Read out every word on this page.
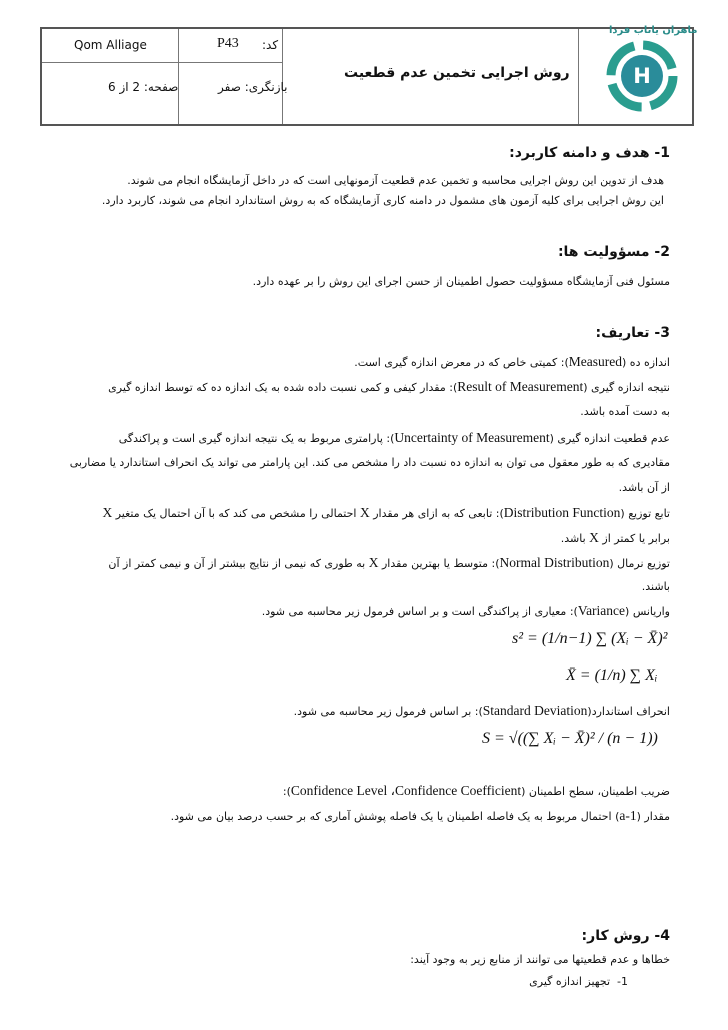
Qom Alliage	P43 کد:
روش اجرایی تخمین عدم قطعیت
صفحه: 2 از 6	بازنگری: صفر
ماهران یاتاب فردا
H
1- هدف و دامنه کاربرد:
هدف از تدوین این روش اجرایی محاسبه و تخمین عدم قطعیت آزمونهایی است که در داخل آزمایشگاه انجام می شوند.
این روش اجرایی برای کلیه آزمون های مشمول در دامنه کاری آزمایشگاه که به روش استاندارد انجام می شوند، کاربرد دارد.
2- مسؤولیت ها:
مسئول فنی آزمایشگاه مسؤولیت حصول اطمینان از حسن اجرای این روش را بر عهده دارد.
3- تعاریف:
اندازه ده (Measured): کمیتی خاص که در معرض اندازه گیری است.
نتیجه اندازه گیری (Result of Measurement): مقدار کیفی و کمی نسبت داده شده به یک اندازه ده که توسط اندازه گیری
به دست آمده باشد.
عدم قطعیت اندازه گیری (Uncertainty of Measurement): پارامتری مربوط به یک نتیجه اندازه گیری است و پراکندگی
مقادیری که به طور معقول می توان به اندازه ده نسبت داد را مشخص می کند. این پارامتر می تواند یک انحراف استاندارد یا مضاربی
از آن باشد.
تابع توزیع (Distribution Function): تابعی که به ازای هر مقدار X احتمالی را مشخص می کند که با آن احتمال یک متغیر X
برابر یا کمتر از X باشد.
توزیع نرمال (Normal Distribution): متوسط یا بهترین مقدار X به طوری که نیمی از نتایج بیشتر از آن و نیمی کمتر از آن
باشند.
واریانس (Variance): معیاری از پراکندگی است و بر اساس فرمول زیر محاسبه می شود.
s² = (1/n−1) ∑ (Xᵢ − X̄)²
X̄ = (1/n) ∑ Xᵢ
انحراف استاندارد(Standard Deviation): بر اساس فرمول زیر محاسبه می شود.
S = √((∑ Xᵢ − X̄)² / (n − 1))
ضریب اطمینان، سطح اطمینان (Confidence Level ،Confidence Coefficient):
مقدار (1-a) احتمال مربوط به یک فاصله اطمینان یا یک فاصله پوشش آماری که بر حسب درصد بیان می شود.
4- روش کار:
خطاها و عدم قطعیتها می توانند از منابع زیر به وجود آیند:
1-  تجهیز اندازه گیری
